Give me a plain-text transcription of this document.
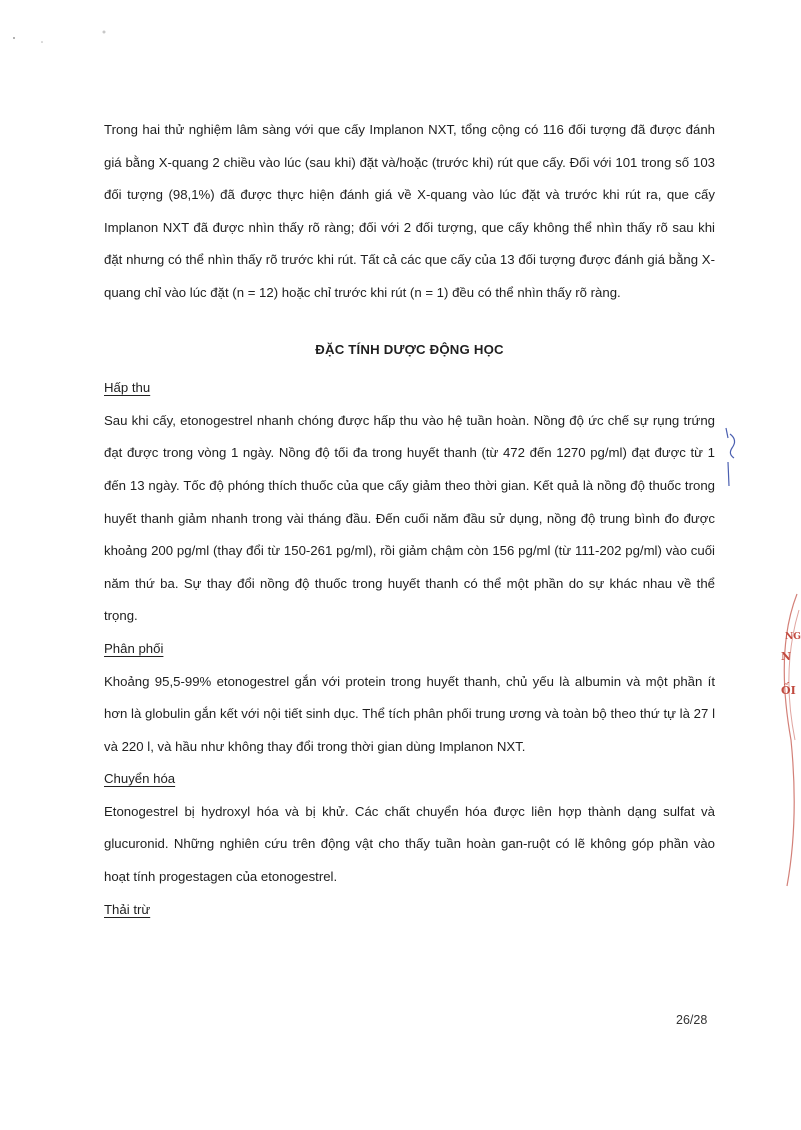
Trong hai thử nghiệm lâm sàng với que cấy Implanon NXT, tổng cộng có 116 đối tượng đã được đánh giá bằng X-quang 2 chiều vào lúc (sau khi) đặt và/hoặc (trước khi) rút que cấy. Đối với 101 trong số 103 đối tượng (98,1%) đã được thực hiện đánh giá về X-quang vào lúc đặt và trước khi rút ra, que cấy Implanon NXT đã được nhìn thấy rõ ràng; đối với 2 đối tượng, que cấy không thể nhìn thấy rõ sau khi đặt nhưng có thể nhìn thấy rõ trước khi rút. Tất cả các que cấy của 13 đối tượng được đánh giá bằng X-quang chỉ vào lúc đặt (n = 12) hoặc chỉ trước khi rút (n = 1) đều có thể nhìn thấy rõ ràng.

ĐẶC TÍNH DƯỢC ĐỘNG HỌC

Hấp thu

Sau khi cấy, etonogestrel nhanh chóng được hấp thu vào hệ tuần hoàn. Nồng độ ức chế sự rụng trứng đạt được trong vòng 1 ngày. Nồng độ tối đa trong huyết thanh (từ 472 đến 1270 pg/ml) đạt được từ 1 đến 13 ngày. Tốc độ phóng thích thuốc của que cấy giảm theo thời gian. Kết quả là nồng độ thuốc trong huyết thanh giảm nhanh trong vài tháng đầu. Đến cuối năm đầu sử dụng, nồng độ trung bình đo được khoảng 200 pg/ml (thay đổi từ 150-261 pg/ml), rồi giảm chậm còn 156 pg/ml (từ 111-202 pg/ml) vào cuối năm thứ ba. Sự thay đổi nồng độ thuốc trong huyết thanh có thể một phần do sự khác nhau về thể trọng.

Phân phối

Khoảng 95,5-99% etonogestrel gắn với protein trong huyết thanh, chủ yếu là albumin và một phần ít hơn là globulin gắn kết với nội tiết sinh dục. Thể tích phân phối trung ương và toàn bộ theo thứ tự là 27 l và 220 l, và hầu như không thay đổi trong thời gian dùng Implanon NXT.

Chuyển hóa

Etonogestrel bị hydroxyl hóa và bị khử. Các chất chuyển hóa được liên hợp thành dạng sulfat và glucuronid. Những nghiên cứu trên động vật cho thấy tuần hoàn gan-ruột có lẽ không góp phần vào hoạt tính progestagen của etonogestrel.

Thải trừ

26/28
NG
N
ỐI
